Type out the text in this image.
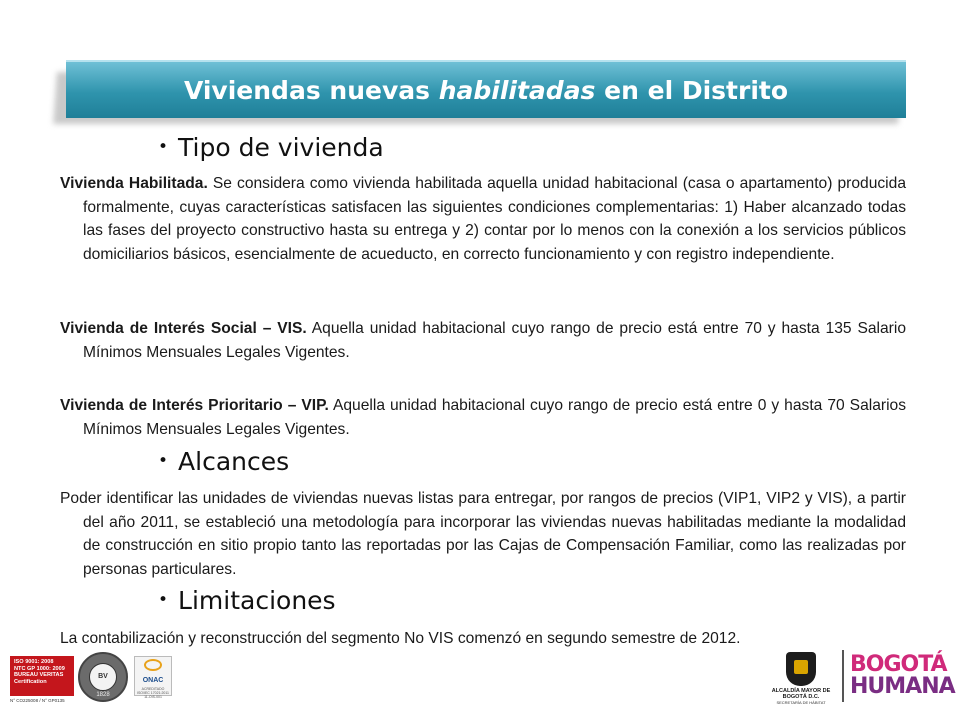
Viviendas nuevas habilitadas en el Distrito
• Tipo de vivienda

Vivienda Habilitada. Se considera como vivienda habilitada aquella unidad habitacional (casa o apartamento) producida formalmente, cuyas características satisfacen las siguientes condiciones complementarias: 1) Haber alcanzado todas las fases del proyecto constructivo hasta su entrega y 2) contar por lo menos con la conexión a los servicios públicos domiciliarios básicos, esencialmente de acueducto, en correcto funcionamiento y con registro independiente.

Vivienda de Interés Social – VIS. Aquella unidad habitacional cuyo rango de precio está entre 70 y hasta 135 Salario Mínimos Mensuales Legales Vigentes.

Vivienda de Interés Prioritario – VIP. Aquella unidad habitacional cuyo rango de precio está entre 0 y hasta 70 Salarios Mínimos Mensuales Legales Vigentes.

• Alcances

Poder identificar las unidades de viviendas nuevas listas para entregar, por rangos de precios (VIP1, VIP2 y VIS), a partir del año 2011, se estableció una metodología para incorporar las viviendas nuevas habilitadas mediante la modalidad de construcción en sitio propio tanto las reportadas por las Cajas de Compensación Familiar, como las realizadas por personas particulares.

• Limitaciones

La contabilización y reconstrucción del segmento No VIS comenzó en segundo semestre de 2012.

ISO 9001: 2008
NTC GP 1000: 2009
BUREAU VERITAS
Certification
N° CO225008 / N° GP0135
BV
1828
ONAC
ACREDITADO ISO/IEC 17021:2011 11-OIS-001
ALCALDÍA MAYOR DE BOGOTÁ D.C.
SECRETARÍA DE HÁBITAT
BOGOTÁ
HUMANA
